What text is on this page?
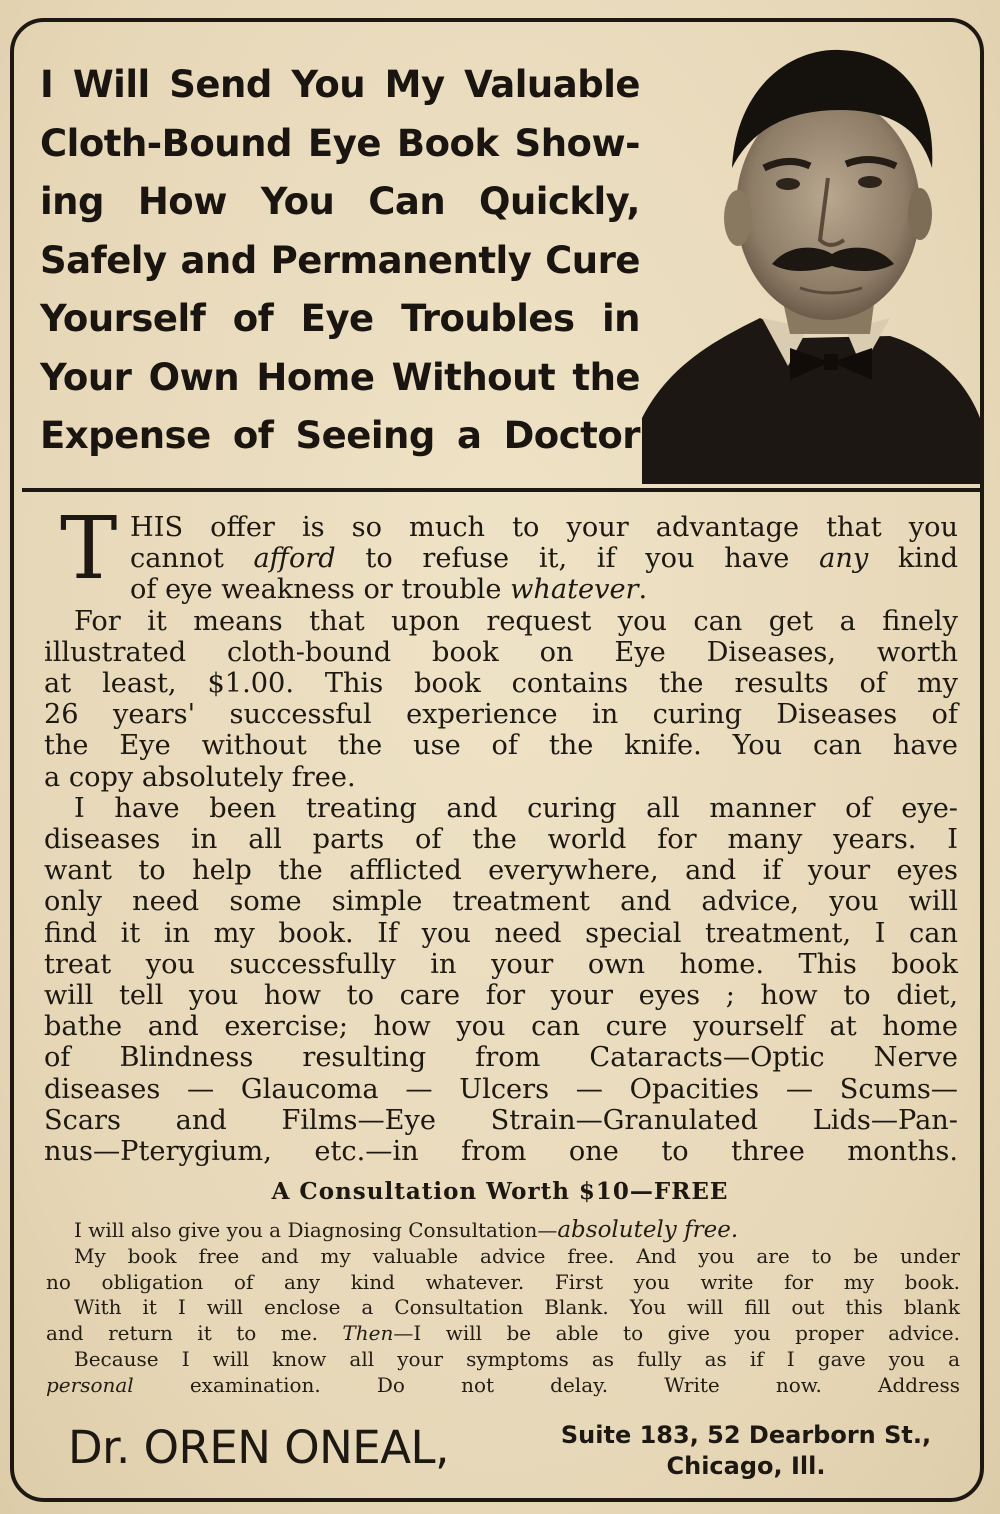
I Will Send You My Valuable
Cloth-Bound Eye Book Show-
ing How You Can Quickly,
Safely and Permanently Cure
Yourself of Eye Troubles in
Your Own Home Without the
Expense of Seeing a Doctor
T HIS offer is so much to your advantage that you
cannot afford to refuse it, if you have any kind
of eye weakness or trouble whatever.
For it means that upon request you can get a finely
illustrated cloth-bound book on Eye Diseases, worth
at least, $1.00. This book contains the results of my
26 years' successful experience in curing Diseases of
the Eye without the use of the knife. You can have
a copy absolutely free.
I have been treating and curing all manner of eye-
diseases in all parts of the world for many years. I
want to help the afflicted everywhere, and if your eyes
only need some simple treatment and advice, you will
find it in my book. If you need special treatment, I can
treat you successfully in your own home. This book
will tell you how to care for your eyes ; how to diet,
bathe and exercise; how you can cure yourself at home
of Blindness resulting from Cataracts—Optic Nerve
diseases — Glaucoma — Ulcers — Opacities — Scums—
Scars and Films—Eye Strain—Granulated Lids—Pan-
nus—Pterygium, etc.—in from one to three months.
A Consultation Worth $10—FREE
I will also give you a Diagnosing Consultation—absolutely free.
My book free and my valuable advice free. And you are to be under
no obligation of any kind whatever. First you write for my book.
With it I will enclose a Consultation Blank. You will fill out this blank
and return it to me. Then—I will be able to give you proper advice.
Because I will know all your symptoms as fully as if I gave you a
personal examination. Do not delay. Write now. Address
Dr. OREN ONEAL,	Suite 183, 52 Dearborn St.,
Chicago, Ill.
